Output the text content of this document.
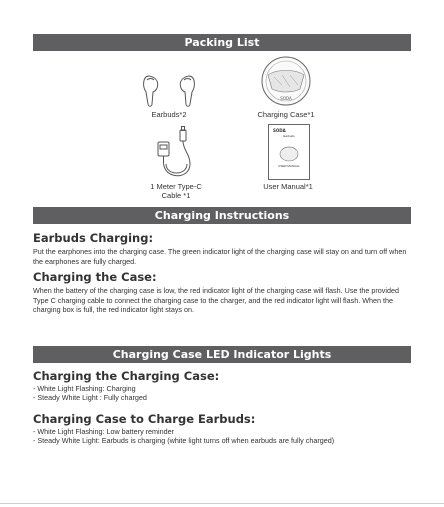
Packing List
Earbuds*2
SODA
Charging Case*1
1 Meter Type-C
Cable *1
SODA
Earbuds
USER MANUAL
User Manual*1
Charging Instructions
Earbuds Charging:
Put the earphones into the charging case. The green indicator light of the charging case will stay on and turn off when the earphones are fully charged.
Charging the Case:
When the battery of the charging case is low, the red indicator light of the charging case will flash. Use the provided Type C charging cable to connect the charging case to the charger, and the red indicator light will flash. When the charging box is full, the red indicator light stays on.
Charging Case LED Indicator Lights
Charging the Charging Case:
- White Light Flashing: Charging
- Steady White Light : Fully charged
Charging Case to Charge Earbuds:
- White Light Flashing: Low battery reminder
- Steady White Light: Earbuds is charging (white light turns off when earbuds are fully charged)
